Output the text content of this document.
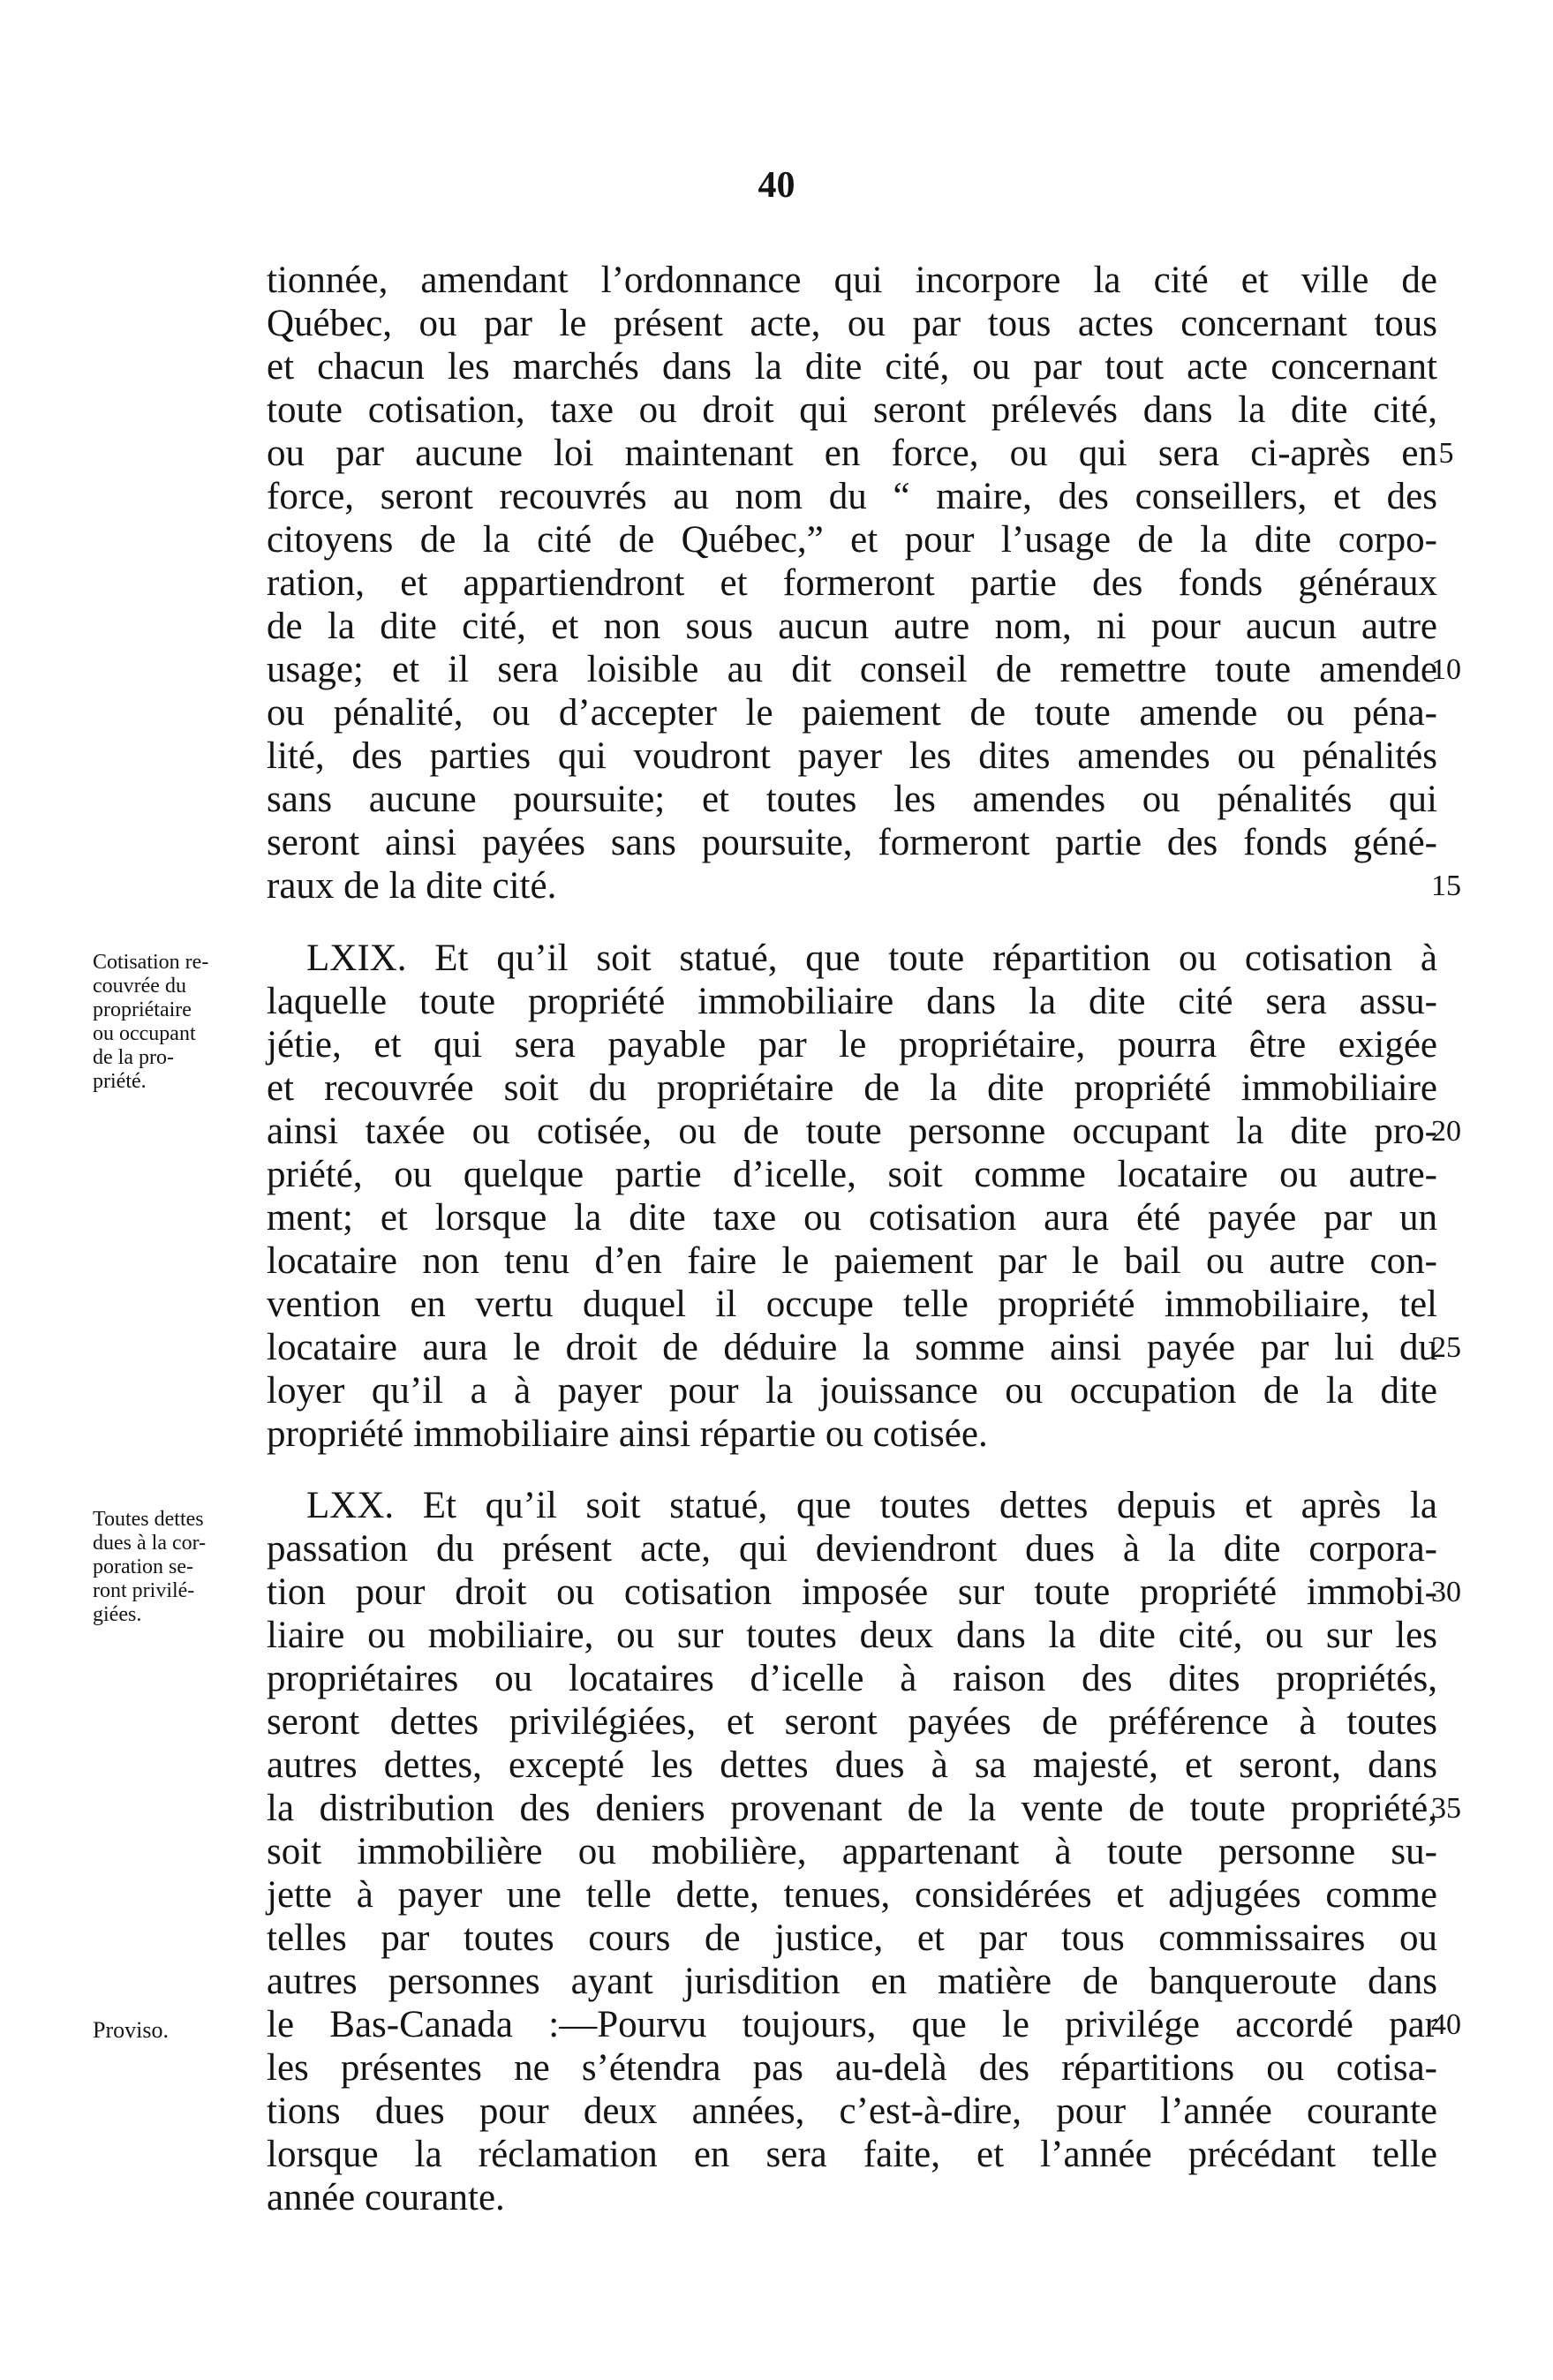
40
tionnée, amendant l’ordonnance qui incorpore la cité et ville de
Québec, ou par le présent acte, ou par tous actes concernant tous
et chacun les marchés dans la dite cité, ou par tout acte concernant
toute cotisation, taxe ou droit qui seront prélevés dans la dite cité,
ou par aucune loi maintenant en force, ou qui sera ci-après en
force, seront recouvrés au nom du “ maire, des conseillers, et des
citoyens de la cité de Québec,” et pour l’usage de la dite corpo-
ration, et appartiendront et formeront partie des fonds généraux
de la dite cité, et non sous aucun autre nom, ni pour aucun autre
usage; et il sera loisible au dit conseil de remettre toute amende
ou pénalité, ou d’accepter le paiement de toute amende ou péna-
lité, des parties qui voudront payer les dites amendes ou pénalités
sans aucune poursuite; et toutes les amendes ou pénalités qui
seront ainsi payées sans poursuite, formeront partie des fonds géné-
raux de la dite cité.
LXIX. Et qu’il soit statué, que toute répartition ou cotisation à
laquelle toute propriété immobiliaire dans la dite cité sera assu-
jétie, et qui sera payable par le propriétaire, pourra être exigée
et recouvrée soit du propriétaire de la dite propriété immobiliaire
ainsi taxée ou cotisée, ou de toute personne occupant la dite pro-
priété, ou quelque partie d’icelle, soit comme locataire ou autre-
ment; et lorsque la dite taxe ou cotisation aura été payée par un
locataire non tenu d’en faire le paiement par le bail ou autre con-
vention en vertu duquel il occupe telle propriété immobiliaire, tel
locataire aura le droit de déduire la somme ainsi payée par lui du
loyer qu’il a à payer pour la jouissance ou occupation de la dite
propriété immobiliaire ainsi répartie ou cotisée.
Cotisation re-
couvrée du
propriétaire
ou occupant
de la pro-
priété.
LXX. Et qu’il soit statué, que toutes dettes depuis et après la
passation du présent acte, qui deviendront dues à la dite corpora-
tion pour droit ou cotisation imposée sur toute propriété immobi-
liaire ou mobiliaire, ou sur toutes deux dans la dite cité, ou sur les
propriétaires ou locataires d’icelle à raison des dites propriétés,
seront dettes privilégiées, et seront payées de préférence à toutes
autres dettes, excepté les dettes dues à sa majesté, et seront, dans
la distribution des deniers provenant de la vente de toute propriété,
soit immobilière ou mobilière, appartenant à toute personne su-
jette à payer une telle dette, tenues, considérées et adjugées comme
telles par toutes cours de justice, et par tous commissaires ou
autres personnes ayant jurisdition en matière de banqueroute dans
le Bas-Canada :—Pourvu toujours, que le privilége accordé par
les présentes ne s’étendra pas au-delà des répartitions ou cotisa-
tions dues pour deux années, c’est-à-dire, pour l’année courante
lorsque la réclamation en sera faite, et l’année précédant telle
année courante.
Toutes dettes
dues à la cor-
poration se-
ront privilé-
giées.
Proviso.
5
10
15
20
25
30
35
40
